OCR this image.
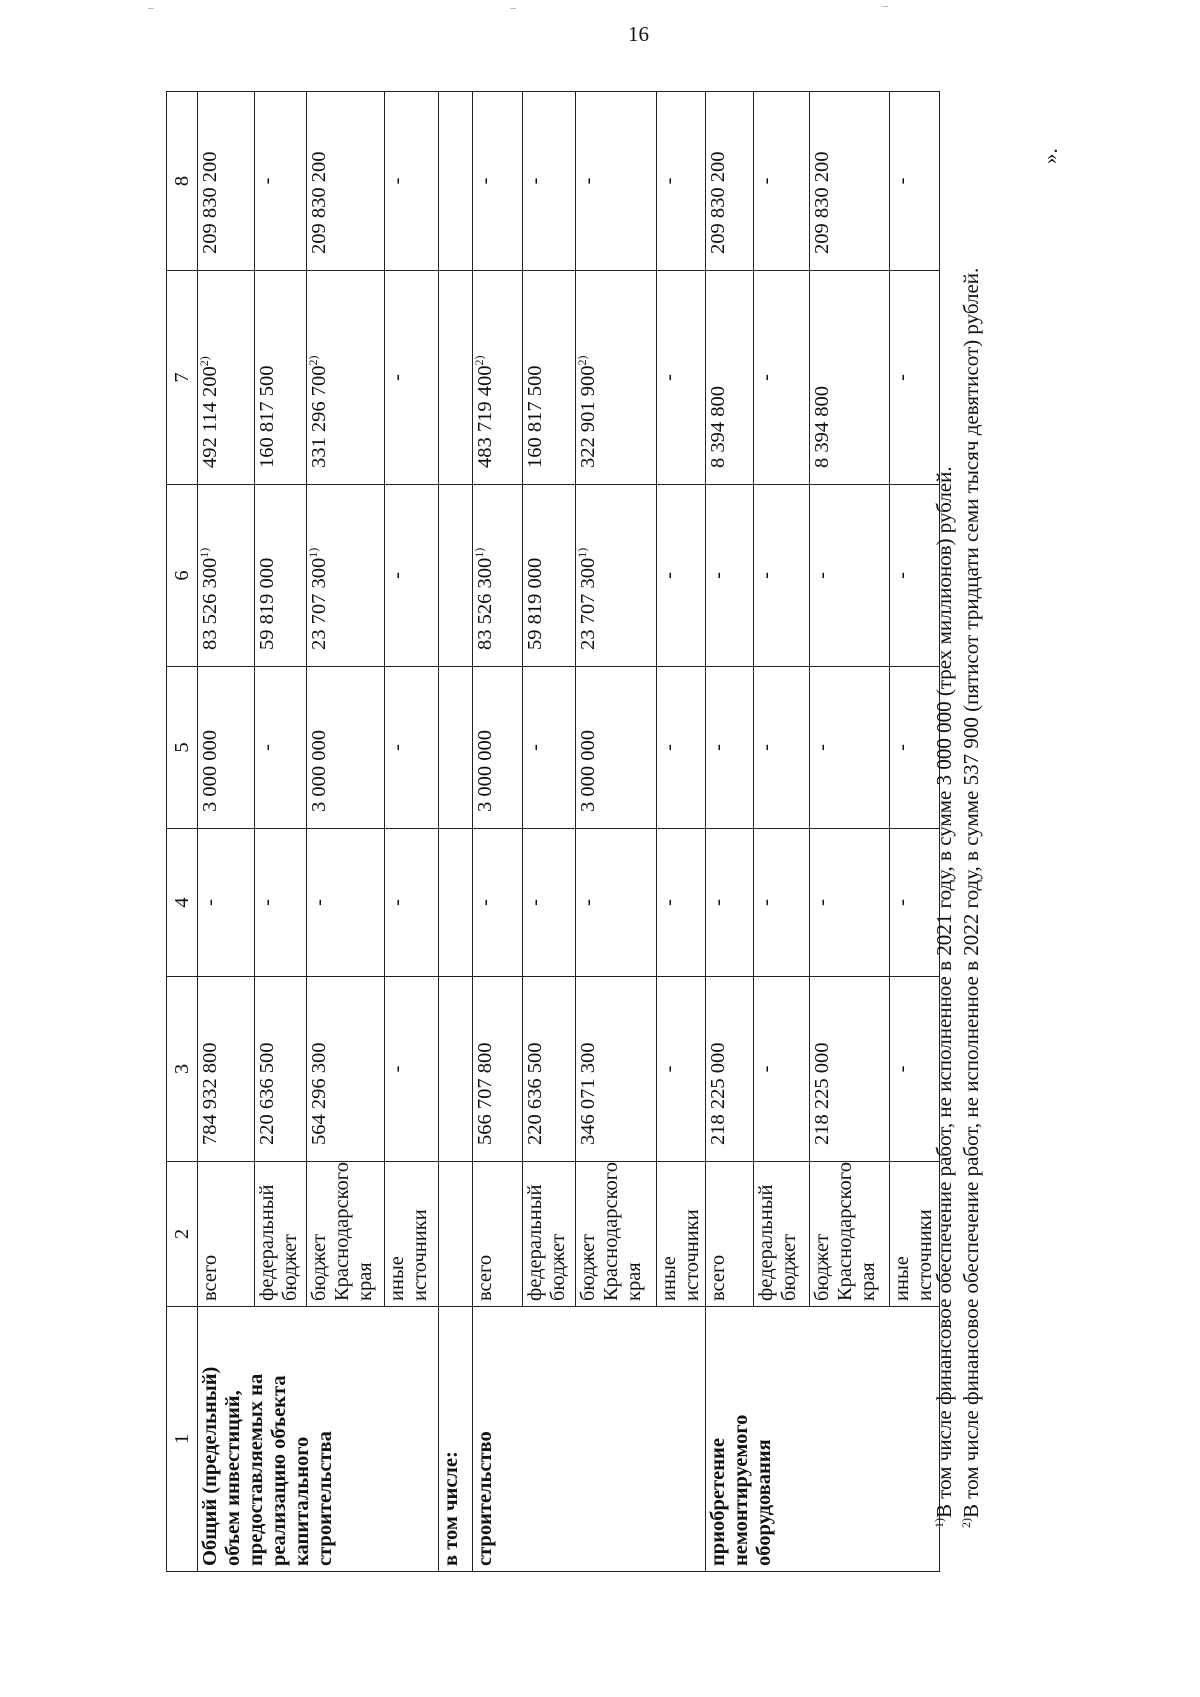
16
1	2	3	4	5	6	7	8
Общий (предельный) объем инвестиций, предоставляемых на реализацию объекта капитального строительства	всего	784 932 800	-	3 000 000	83 526 300$^{1)}$	492 114 200$^{2)}$	209 830 200
	федеральный бюджет	220 636 500	-	-	59 819 000	160 817 500	-
	бюджет Краснодарского края	564 296 300	-	3 000 000	23 707 300$^{1)}$	331 296 700$^{2)}$	209 830 200
	иные источники	-	-	-	-	-	-
в том числе:							
строительство	всего	566 707 800	-	3 000 000	83 526 300$^{1)}$	483 719 400$^{2)}$	-
	федеральный бюджет	220 636 500	-	-	59 819 000	160 817 500	-
	бюджет Краснодарского края	346 071 300	-	3 000 000	23 707 300$^{1)}$	322 901 900$^{2)}$	-
	иные источники	-	-	-	-	-	-
приобретение немонтируемого оборудования	всего	218 225 000	-	-	-	8 394 800	209 830 200
	федеральный бюджет	-	-	-	-	-	-
	бюджет Краснодарского края	218 225 000	-	-	-	8 394 800	209 830 200
	иные источники	-	-	-	-	-	-

$^{1)}$В том числе финансовое обеспечение работ, не исполненное в 2021 году, в сумме 3 000 000 (трех миллионов) рублей.

$^{2)}$В том числе финансовое обеспечение работ, не исполненное в 2022 году, в сумме 537 900 (пятисот тридцати семи тысяч девятисот) рублей.

».
